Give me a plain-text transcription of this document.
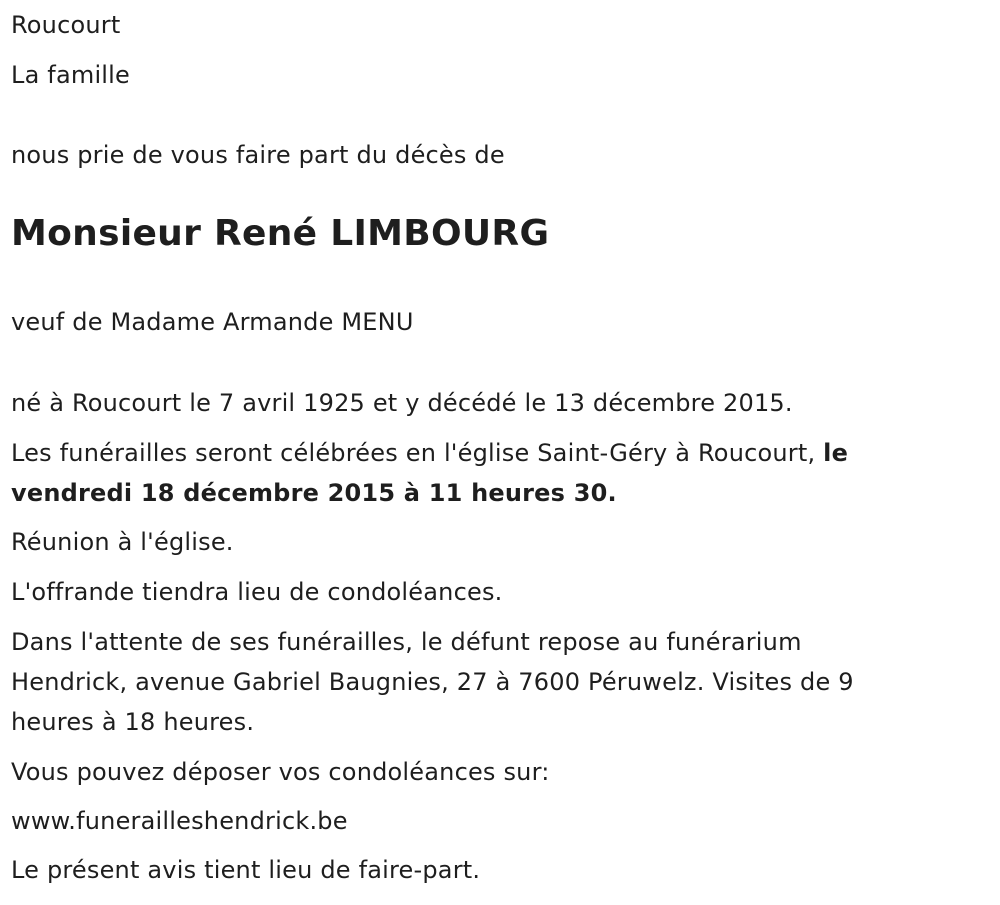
Roucourt
La famille
nous prie de vous faire part du décès de
Monsieur René LIMBOURG
veuf de Madame Armande MENU
né à Roucourt le 7 avril 1925 et y décédé le 13 décembre 2015.
Les funérailles seront célébrées en l'église Saint-Géry à Roucourt, le
vendredi 18 décembre 2015 à 11 heures 30.
Réunion à l'église.
L'offrande tiendra lieu de condoléances.
Dans l'attente de ses funérailles, le défunt repose au funérarium
Hendrick, avenue Gabriel Baugnies, 27 à 7600 Péruwelz. Visites de 9
heures à 18 heures.
Vous pouvez déposer vos condoléances sur:
www.funerailleshendrick.be
Le présent avis tient lieu de faire-part.
